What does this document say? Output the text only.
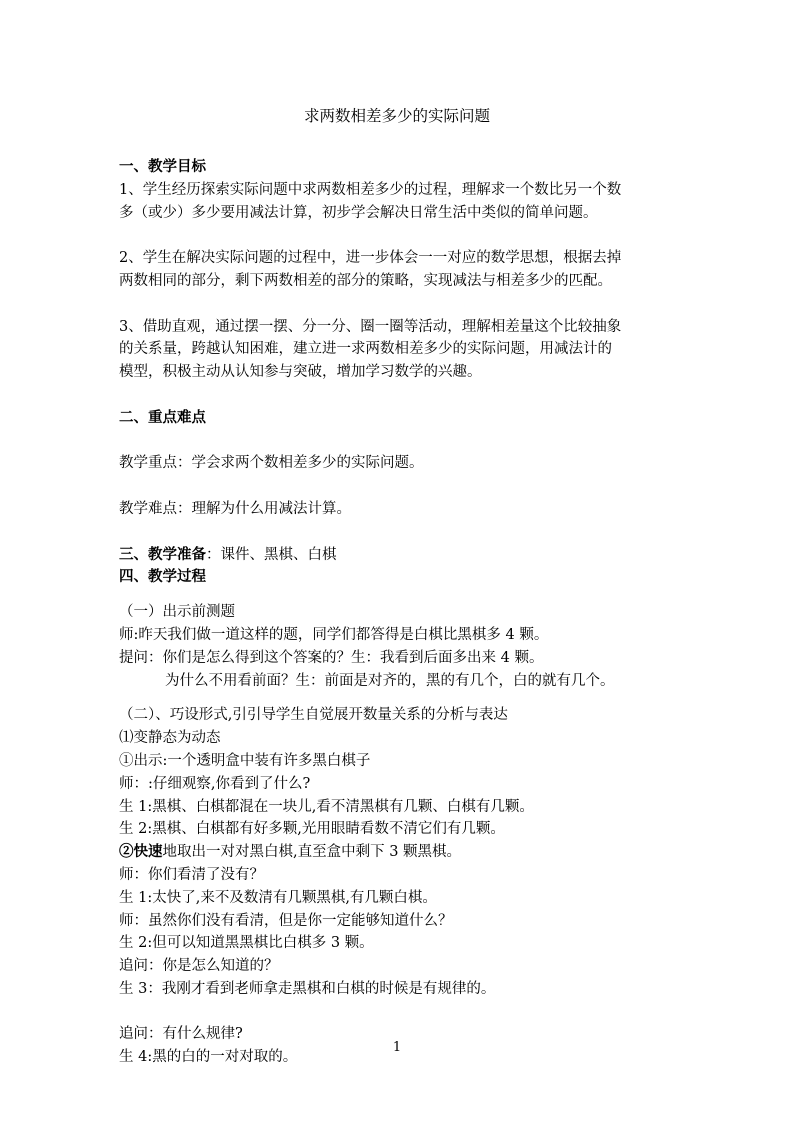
求两数相差多少的实际问题
一、教学目标
1、学生经历探索实际问题中求两数相差多少的过程，理解求一个数比另一个数
多（或少）多少要用减法计算，初步学会解决日常生活中类似的简单问题。
2、学生在解决实际问题的过程中，进一步体会一一对应的数学思想，根据去掉
两数相同的部分，剩下两数相差的部分的策略，实现减法与相差多少的匹配。
3、借助直观，通过摆一摆、分一分、圈一圈等活动，理解相差量这个比较抽象
的关系量，跨越认知困难，建立进一求两数相差多少的实际问题，用减法计的
模型，积极主动从认知参与突破，增加学习数学的兴趣。
二、重点难点
教学重点：学会求两个数相差多少的实际问题。
教学难点：理解为什么用减法计算。
三、教学准备：课件、黑棋、白棋
四、教学过程
（一）出示前测题
师:昨天我们做一道这样的题，同学们都答得是白棋比黑棋多 4 颗。
提问：你们是怎么得到这个答案的？生：我看到后面多出来 4 颗。
为什么不用看前面？生：前面是对齐的，黑的有几个，白的就有几个。
（二）、巧设形式,引引导学生自觉展开数量关系的分析与表达
⑴变静态为动态
①出示:一个透明盒中装有许多黑白棋子
师：:仔细观察,你看到了什么?
生 1:黑棋、白棋都混在一块儿,看不清黑棋有几颗、白棋有几颗。
生 2:黑棋、白棋都有好多颗,光用眼睛看数不清它们有几颗。
②快速地取出一对对黑白棋,直至盒中剩下 3 颗黑棋。
师：你们看清了没有？
生 1:太快了,来不及数清有几颗黑棋,有几颗白棋。
师：虽然你们没有看清，但是你一定能够知道什么？
生 2:但可以知道黑黑棋比白棋多 3 颗。
追问：你是怎么知道的？
生 3：我刚才看到老师拿走黑棋和白棋的时候是有规律的。
追问：有什么规律?
生 4:黑的白的一对对取的。
1
